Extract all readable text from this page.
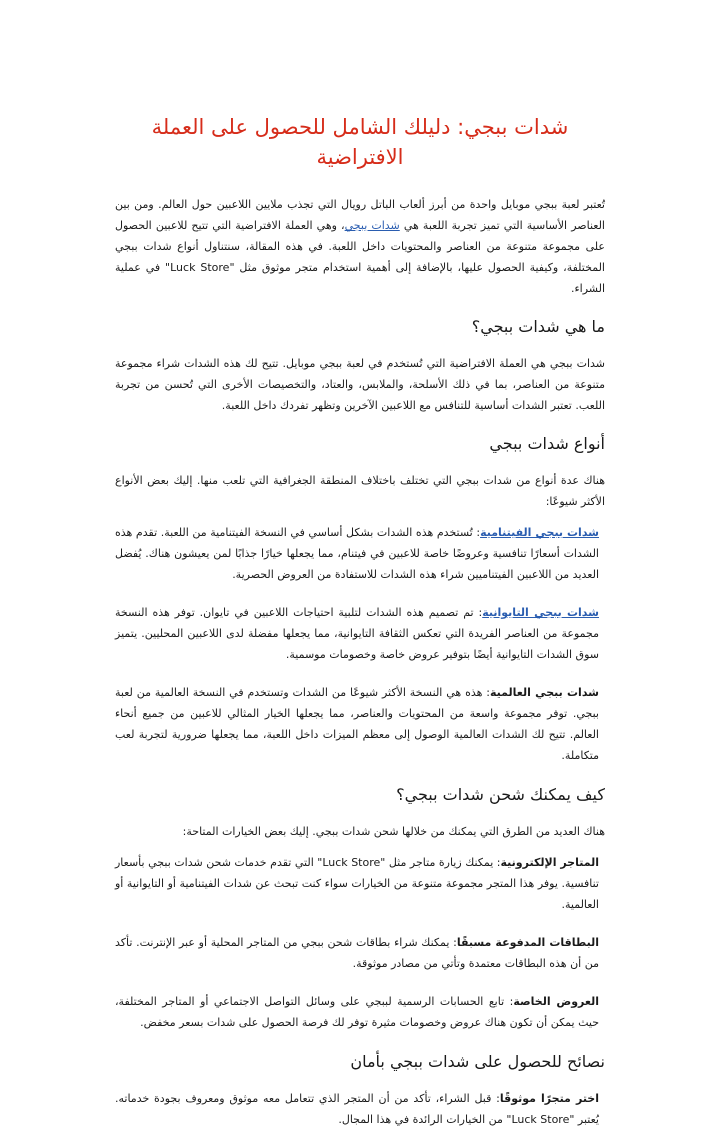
شدات ببجي: دليلك الشامل للحصول على العملة الافتراضية

تُعتبر لعبة ببجي موبايل واحدة من أبرز ألعاب الباتل رويال التي تجذب ملايين اللاعبين حول العالم. ومن بين العناصر الأساسية التي تميز تجربة اللعبة هي شدات ببجي، وهي العملة الافتراضية التي تتيح للاعبين الحصول على مجموعة متنوعة من العناصر والمحتويات داخل اللعبة. في هذه المقالة، سنتناول أنواع شدات ببجي المختلفة، وكيفية الحصول عليها، بالإضافة إلى أهمية استخدام متجر موثوق مثل "Luck Store" في عملية الشراء.

ما هي شدات ببجي؟

شدات ببجي هي العملة الافتراضية التي تُستخدم في لعبة ببجي موبايل. تتيح لك هذه الشدات شراء مجموعة متنوعة من العناصر، بما في ذلك الأسلحة، والملابس، والعتاد، والتخصيصات الأخرى التي تُحسن من تجربة اللعب. تعتبر الشدات أساسية للتنافس مع اللاعبين الآخرين وتظهر تفردك داخل اللعبة.

أنواع شدات ببجي

هناك عدة أنواع من شدات ببجي التي تختلف باختلاف المنطقة الجغرافية التي تلعب منها. إليك بعض الأنواع الأكثر شيوعًا:

شدات ببجي الفيتنامية: تُستخدم هذه الشدات بشكل أساسي في النسخة الفيتنامية من اللعبة. تقدم هذه الشدات أسعارًا تنافسية وعروضًا خاصة للاعبين في فيتنام، مما يجعلها خيارًا جذابًا لمن يعيشون هناك. يُفضل العديد من اللاعبين الفيتناميين شراء هذه الشدات للاستفادة من العروض الحصرية.

شدات ببجي التايوانية: تم تصميم هذه الشدات لتلبية احتياجات اللاعبين في تايوان. توفر هذه النسخة مجموعة من العناصر الفريدة التي تعكس الثقافة التايوانية، مما يجعلها مفضلة لدى اللاعبين المحليين. يتميز سوق الشدات التايوانية أيضًا بتوفير عروض خاصة وخصومات موسمية.

شدات ببجي العالمية: هذه هي النسخة الأكثر شيوعًا من الشدات وتستخدم في النسخة العالمية من لعبة ببجي. توفر مجموعة واسعة من المحتويات والعناصر، مما يجعلها الخيار المثالي للاعبين من جميع أنحاء العالم. تتيح لك الشدات العالمية الوصول إلى معظم الميزات داخل اللعبة، مما يجعلها ضرورية لتجربة لعب متكاملة.

كيف يمكنك شحن شدات ببجي؟

هناك العديد من الطرق التي يمكنك من خلالها شحن شدات ببجي. إليك بعض الخيارات المتاحة:

المتاجر الإلكترونية: يمكنك زيارة متاجر مثل "Luck Store" التي تقدم خدمات شحن شدات ببجي بأسعار تنافسية. يوفر هذا المتجر مجموعة متنوعة من الخيارات سواء كنت تبحث عن شدات الفيتنامية أو التايوانية أو العالمية.

البطاقات المدفوعة مسبقًا: يمكنك شراء بطاقات شحن ببجي من المتاجر المحلية أو عبر الإنترنت. تأكد من أن هذه البطاقات معتمدة وتأتي من مصادر موثوقة.

العروض الخاصة: تابع الحسابات الرسمية لببجي على وسائل التواصل الاجتماعي أو المتاجر المختلفة، حيث يمكن أن تكون هناك عروض وخصومات مثيرة توفر لك فرصة الحصول على شدات بسعر مخفض.

نصائح للحصول على شدات ببجي بأمان

اختر متجرًا موثوقًا: قبل الشراء، تأكد من أن المتجر الذي تتعامل معه موثوق ومعروف بجودة خدماته. يُعتبر "Luck Store" من الخيارات الرائدة في هذا المجال.
